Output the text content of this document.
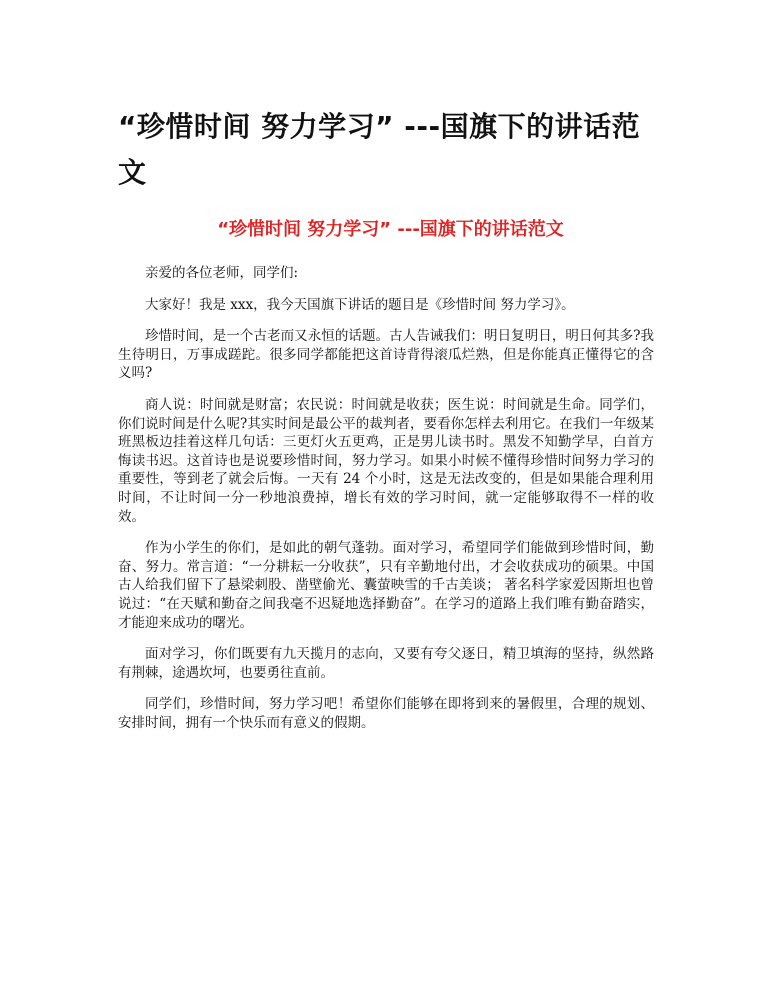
“珍惜时间 努力学习” ---国旗下的讲话范文
“珍惜时间 努力学习” ---国旗下的讲话范文

亲爱的各位老师，同学们:

大家好！我是 xxx，我今天国旗下讲话的题目是《珍惜时间 努力学习》。

珍惜时间，是一个古老而又永恒的话题。古人告诫我们：明日复明日，明日何其多?我生待明日，万事成蹉跎。很多同学都能把这首诗背得滚瓜烂熟，但是你能真正懂得它的含义吗?

商人说：时间就是财富；农民说：时间就是收获；医生说：时间就是生命。同学们，你们说时间是什么呢?其实时间是最公平的裁判者，要看你怎样去利用它。在我们一年级某班黑板边挂着这样几句话：三更灯火五更鸡，正是男儿读书时。黑发不知勤学早，白首方悔读书迟。这首诗也是说要珍惜时间，努力学习。如果小时候不懂得珍惜时间努力学习的重要性，等到老了就会后悔。一天有 24 个小时，这是无法改变的，但是如果能合理利用时间，不让时间一分一秒地浪费掉，增长有效的学习时间，就一定能够取得不一样的收效。

作为小学生的你们，是如此的朝气蓬勃。面对学习，希望同学们能做到珍惜时间，勤奋、努力。常言道：“一分耕耘一分收获”，只有辛勤地付出，才会收获成功的硕果。中国古人给我们留下了悬梁刺股、凿壁偷光、囊萤映雪的千古美谈； 著名科学家爱因斯坦也曾说过：“在天赋和勤奋之间我毫不迟疑地选择勤奋”。在学习的道路上我们唯有勤奋踏实，才能迎来成功的曙光。

面对学习，你们既要有九天揽月的志向，又要有夸父逐日，精卫填海的坚持，纵然路有荆棘，途遇坎坷，也要勇往直前。

同学们，珍惜时间，努力学习吧！希望你们能够在即将到来的暑假里，合理的规划、安排时间，拥有一个快乐而有意义的假期。
